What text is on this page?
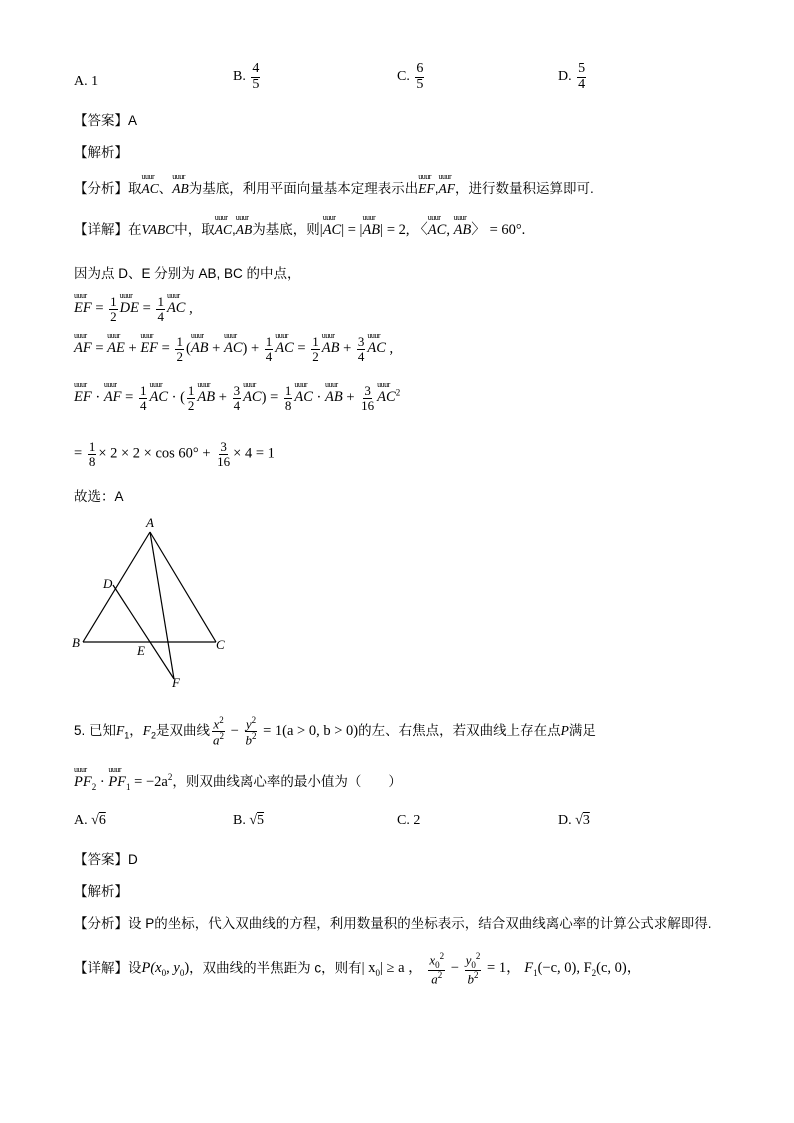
A. 1	B. $\frac{4}{5}$	C. $\frac{6}{5}$	D. $\frac{5}{4}$
【答案】A
【解析】
【分析】取uuur AC、uuur AB为基底，利用平面向量基本定理表示出uuur EF,uuur AF，进行数量积运算即可.
【详解】在VABC中，取uuur AC,uuur AB为基底，则|uuur AC| = |uuur AB| = 2, 〈uuur AC, uuur AB〉 = 60°.
因为点 D、E 分别为 AB, BC 的中点，
uuur EF = $\frac{1}{2}$ uuur DE = $\frac{1}{4}$ uuur AC ,
uuur AF = uuur AE + uuur EF = $\frac{1}{2}$ (uuur AB + uuur $AC) + \frac{1}{4}$ uuur AC = $\frac{1}{2}$ uuur AB + $\frac{3}{4}$ uuur AC ,
uuur EF · uuur AF = $\frac{1}{4}$ uuur AC · ( $\frac{1}{2}$ uuur AB + $\frac{3}{4}$ uuur $AC) = \frac{1}{8}$ uuur AC · uuur AB + $\frac{3}{16}$ uuur $AC^2$
= $\frac{1}{8} \times 2 \times 2 \times \cos 60^\circ + \frac{3}{16} \times 4 = 1$
故选：A
A
D
B	C
E
F
5. 已知$F_1$，$F_2$是双曲线 $\frac{x^2}{a^2} - \frac{y^2}{b^2} = 1(a > 0$, b > 0)的左、右焦点，若双曲线上存在点P满足
uuur $PF_2$ · uuur $PF_1 = -2a^2$，则双曲线离心率的最小值为（　　）
A. √6	B. √5	C. 2	D. √3
【答案】D
【解析】
【分析】设 P的坐标，代入双曲线的方程，利用数量积的坐标表示，结合双曲线离心率的计算公式求解即得.
【详解】设$P(x_0$, $y_0$)，双曲线的半焦距为 c，则有| $x_0| \ge a$ ， $\frac{x_0^2}{a^2} - \frac{y_0^2}{b^2} = 1$， $F_1(-c$, 0), $F_2(c$, 0)，
